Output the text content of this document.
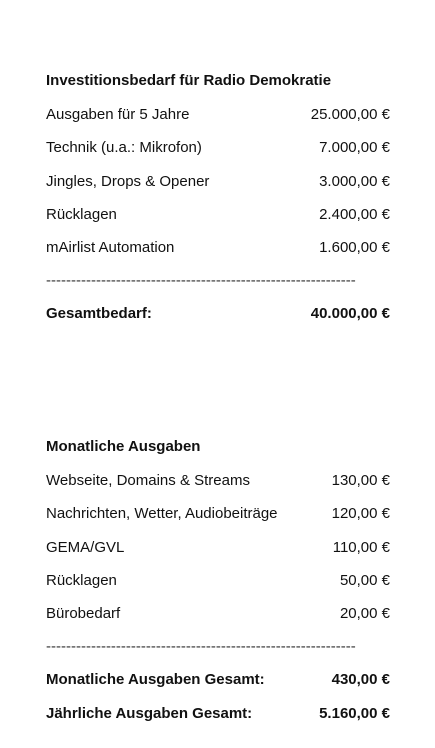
Investitionsbedarf für Radio Demokratie
Ausgaben für 5 Jahre	25.000,00 €
Technik (u.a.: Mikrofon)	7.000,00 €
Jingles, Drops & Opener	3.000,00 €
Rücklagen	2.400,00 €
mAirlist Automation	1.600,00 €
--------------------------------------------------------------
Gesamtbedarf:	40.000,00 €
Monatliche Ausgaben
Webseite, Domains & Streams	130,00 €
Nachrichten, Wetter, Audiobeiträge	120,00 €
GEMA/GVL	110,00 €
Rücklagen	50,00 €
Bürobedarf	20,00 €
--------------------------------------------------------------
Monatliche Ausgaben Gesamt:	430,00 €
Jährliche Ausgaben Gesamt:	5.160,00 €
